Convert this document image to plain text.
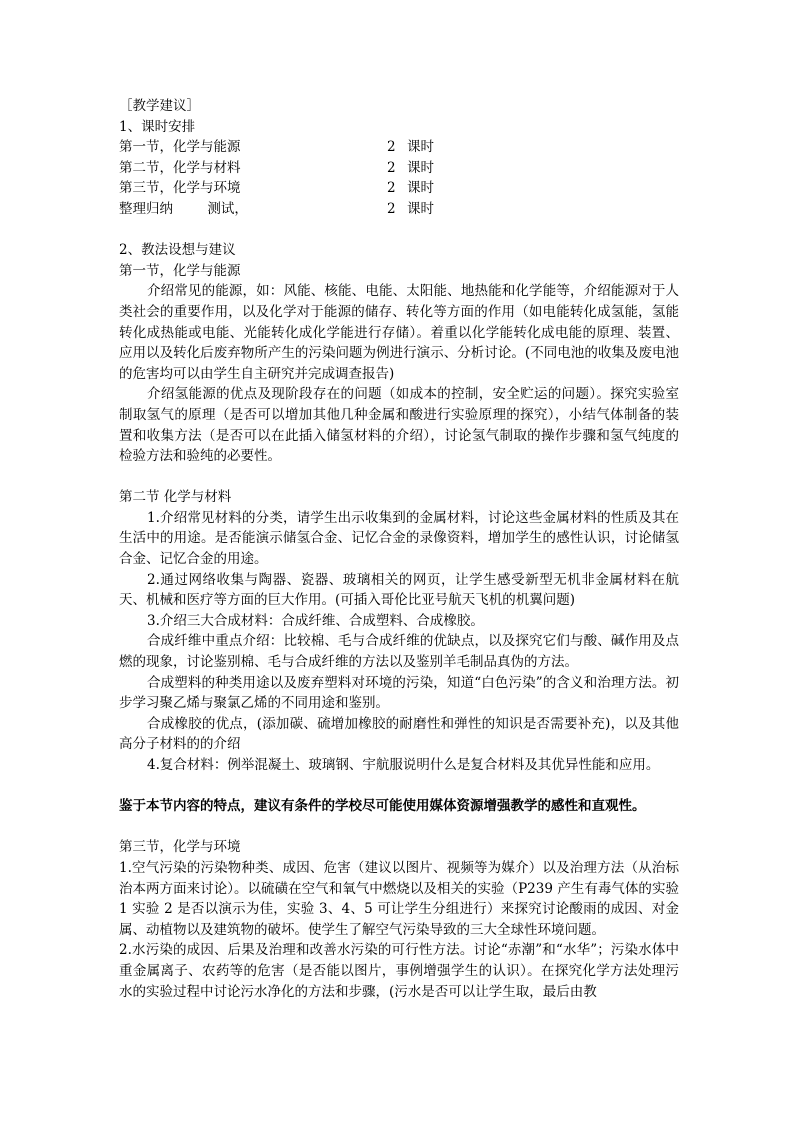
［教学建议］
1、课时安排
第一节，化学与能源	2 课时
第二节，化学与材料	2 课时
第三节，化学与环境	2 课时
整理归纳        测试，	2 课时
2、教法设想与建议
第一节，化学与能源
介绍常见的能源，如：风能、核能、电能、太阳能、地热能和化学能等，介绍能源对于人类社会的重要作用，以及化学对于能源的储存、转化等方面的作用（如电能转化成氢能，氢能转化成热能或电能、光能转化成化学能进行存储）。着重以化学能转化成电能的原理、装置、应用以及转化后废弃物所产生的污染问题为例进行演示、分析讨论。(不同电池的收集及废电池的危害均可以由学生自主研究并完成调查报告)
介绍氢能源的优点及现阶段存在的问题（如成本的控制，安全贮运的问题）。探究实验室制取氢气的原理（是否可以增加其他几种金属和酸进行实验原理的探究），小结气体制备的装置和收集方法（是否可以在此插入储氢材料的介绍），讨论氢气制取的操作步骤和氢气纯度的检验方法和验纯的必要性。
第二节 化学与材料
1.介绍常见材料的分类，请学生出示收集到的金属材料，讨论这些金属材料的性质及其在生活中的用途。是否能演示储氢合金、记忆合金的录像资料，增加学生的感性认识，讨论储氢合金、记忆合金的用途。
2.通过网络收集与陶器、瓷器、玻璃相关的网页，让学生感受新型无机非金属材料在航天、机械和医疗等方面的巨大作用。(可插入哥伦比亚号航天飞机的机翼问题)
3.介绍三大合成材料：合成纤维、合成塑料、合成橡胶。
合成纤维中重点介绍：比较棉、毛与合成纤维的优缺点，以及探究它们与酸、碱作用及点燃的现象，讨论鉴别棉、毛与合成纤维的方法以及鉴别羊毛制品真伪的方法。
合成塑料的种类用途以及废弃塑料对环境的污染，知道“白色污染”的含义和治理方法。初步学习聚乙烯与聚氯乙烯的不同用途和鉴别。
合成橡胶的优点，(添加碳、硫增加橡胶的耐磨性和弹性的知识是否需要补充)，以及其他高分子材料的的介绍
4.复合材料：例举混凝土、玻璃钢、宇航服说明什么是复合材料及其优异性能和应用。
鉴于本节内容的特点，建议有条件的学校尽可能使用媒体资源增强教学的感性和直观性。
第三节，化学与环境
1.空气污染的污染物种类、成因、危害（建议以图片、视频等为媒介）以及治理方法（从治标治本两方面来讨论）。以硫磺在空气和氧气中燃烧以及相关的实验（P239 产生有毒气体的实验 1 实验 2 是否以演示为佳，实验 3、4、5 可让学生分组进行）来探究讨论酸雨的成因、对金属、动植物以及建筑物的破坏。使学生了解空气污染导致的三大全球性环境问题。
2.水污染的成因、后果及治理和改善水污染的可行性方法。讨论“赤潮”和“水华”；污染水体中重金属离子、农药等的危害（是否能以图片，事例增强学生的认识）。在探究化学方法处理污水的实验过程中讨论污水净化的方法和步骤，(污水是否可以让学生取，最后由教
